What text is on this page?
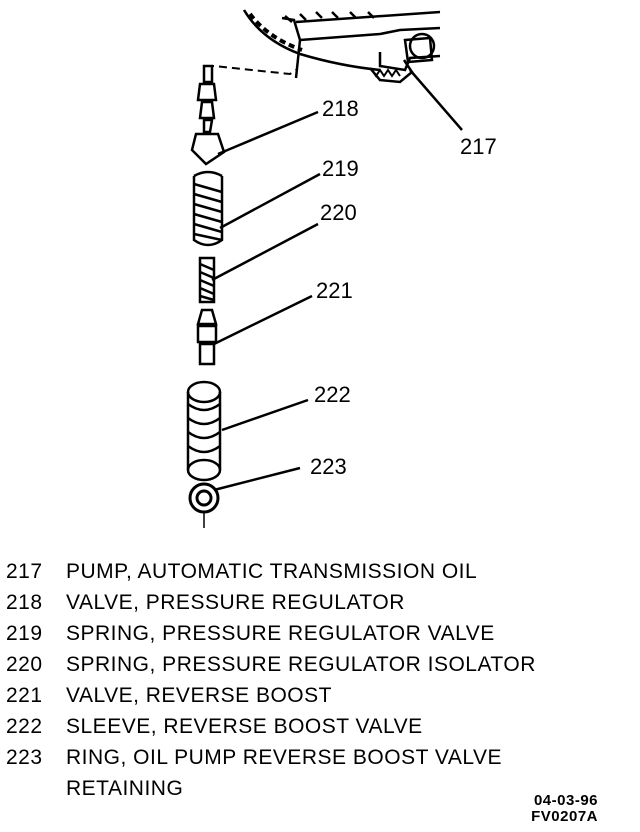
217
218
219
220
221
222
223
217	PUMP, AUTOMATIC TRANSMISSION OIL
218	VALVE, PRESSURE REGULATOR
219	SPRING, PRESSURE REGULATOR VALVE
220	SPRING, PRESSURE REGULATOR ISOLATOR
221	VALVE, REVERSE BOOST
222	SLEEVE, REVERSE BOOST VALVE
223	RING, OIL PUMP REVERSE BOOST VALVE
RETAINING
04-03-96
FV0207A
